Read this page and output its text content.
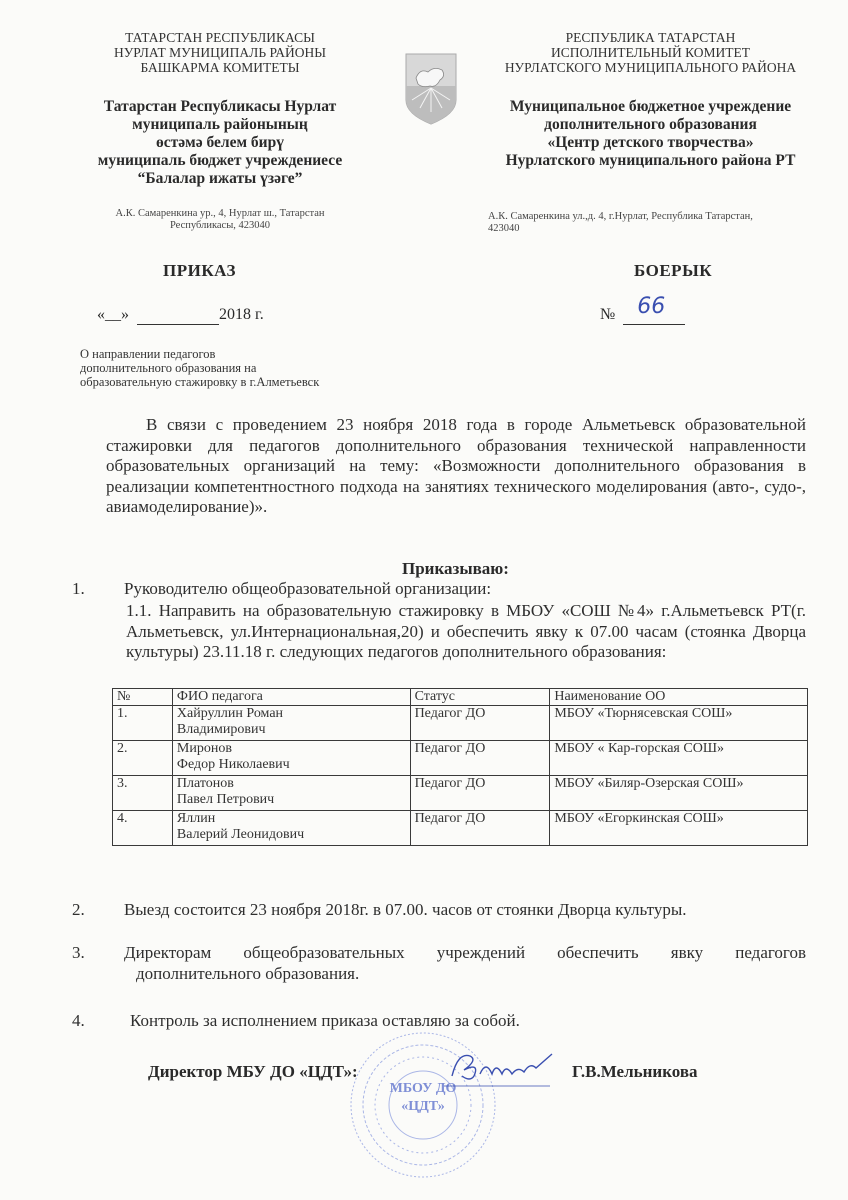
ТАТАРСТАН РЕСПУБЛИКАСЫ
НУРЛАТ МУНИЦИПАЛЬ РАЙОНЫ
БАШКАРМА КОМИТЕТЫ
Татарстан Республикасы Нурлат
муниципаль районының
өстәмә белем бирү
муниципаль бюджет учреждениесе
“Балалар ижаты үзәге”
А.К. Самаренкина ур., 4, Нурлат ш., Татарстан
Республикасы, 423040
РЕСПУБЛИКА ТАТАРСТАН
ИСПОЛНИТЕЛЬНЫЙ КОМИТЕТ
НУРЛАТСКОГО МУНИЦИПАЛЬНОГО РАЙОНА
Муниципальное бюджетное учреждение
дополнительного образования
«Центр детского творчества»
Нурлатского муниципального района РТ
А.К. Самаренкина ул.,д. 4, г.Нурлат, Республика Татарстан,
423040
ПРИКАЗ	БОЕРЫК
«__»	2018 г.	№ 66

О направлении педагогов
дополнительного образования на
образовательную стажировку в г.Алметьевск
В связи с проведением 23 ноября 2018 года в городе Альметьевск образовательной стажировки для педагогов дополнительного образования технической направленности образовательных организаций на тему: «Возможности дополнительного образования в реализации компетентностного подхода на занятиях технического моделирования (авто-, судо-, авиамоделирование)».
Приказываю:
1. Руководителю общеобразовательной организации:
1.1. Направить на образовательную стажировку в МБОУ «СОШ №4» г.Альметьевск РТ(г. Альметьевск, ул.Интернациональная,20) и обеспечить явку к 07.00 часам (стоянка Дворца культуры) 23.11.18 г. следующих педагогов дополнительного образования:
№	ФИО педагога	Статус	Наименование ОО
1.	Хайруллин Роман
Владимирович	Педагог ДО	МБОУ «Тюрнясевская СОШ»
2.	Миронов
Федор Николаевич	Педагог ДО	МБОУ « Кар-горская СОШ»
3.	Платонов
Павел Петрович	Педагог ДО	МБОУ «Биляр-Озерская СОШ»
4.	Яллин
Валерий Леонидович	Педагог ДО	МБОУ «Егоркинская СОШ»
2. Выезд состоится 23 ноября 2018г. в 07.00. часов от стоянки Дворца культуры.
3. Директорам общеобразовательных учреждений обеспечить явку педагогов
дополнительного образования.
4.	Контроль за исполнением приказа оставляю за собой.
МБОУ ДО
«ЦДТ»
Директор МБУ ДО «ЦДТ»:	Г.В.Мельникова
